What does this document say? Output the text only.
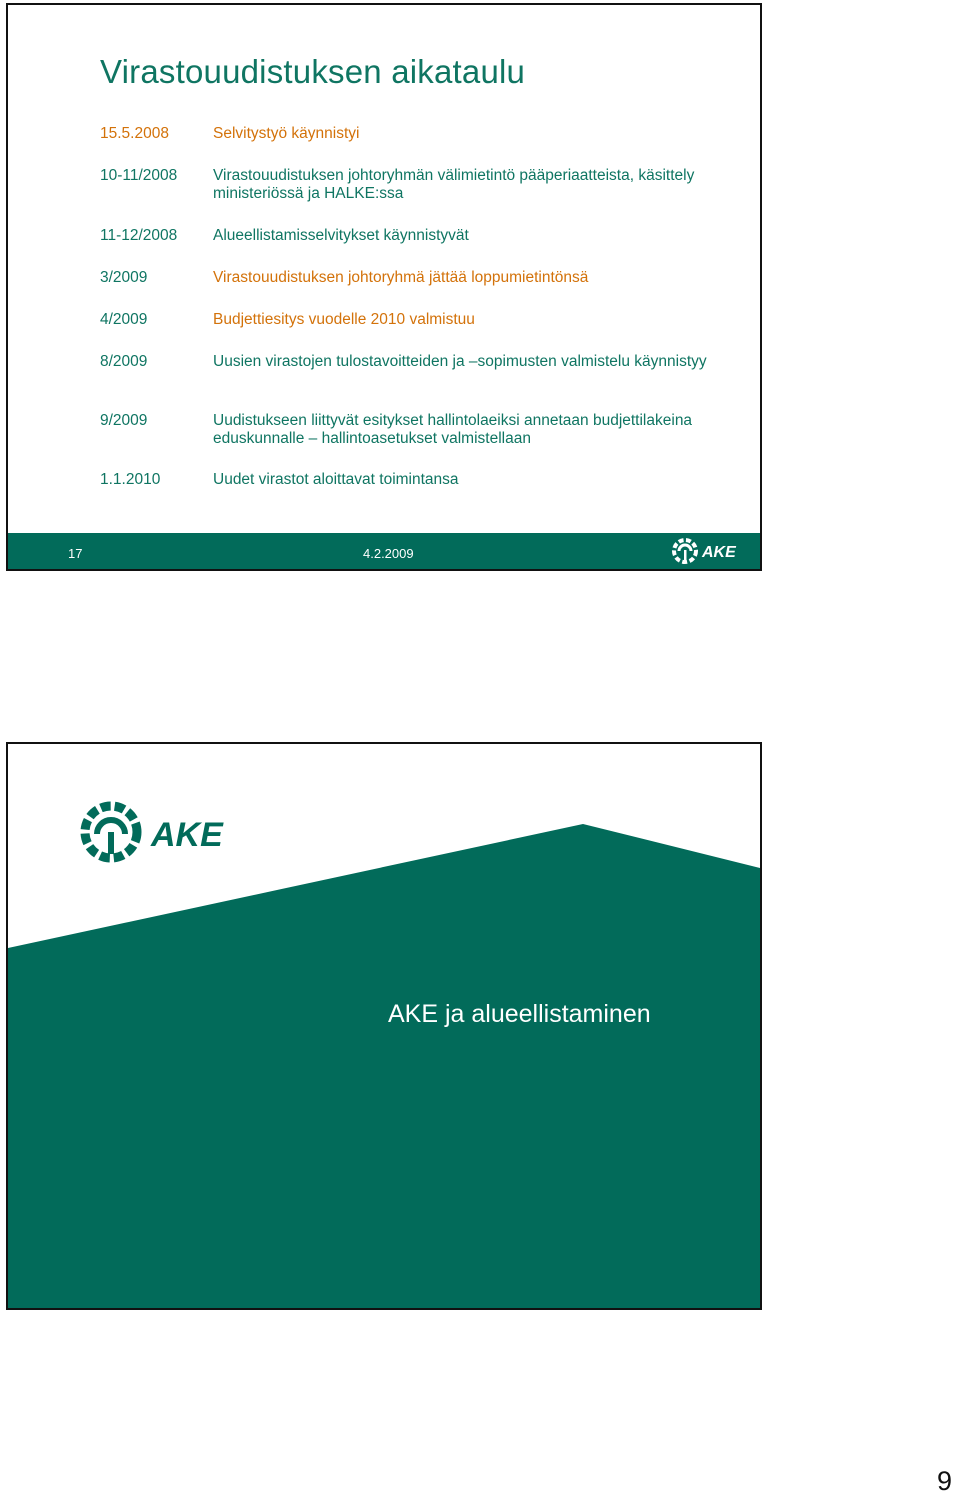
Virastouudistuksen aikataulu
15.5.2008	Selvitystyö käynnistyi
10-11/2008	Virastouudistuksen johtoryhmän välimietintö pääperiaatteista, käsittely ministeriössä ja HALKE:ssa
11-12/2008	Alueellistamisselvitykset käynnistyvät
3/2009	Virastouudistuksen johtoryhmä jättää loppumietintönsä
4/2009	Budjettiesitys vuodelle 2010 valmistuu
8/2009	Uusien virastojen tulostavoitteiden ja –sopimusten valmistelu käynnistyy
9/2009	Uudistukseen liittyvät esitykset hallintolaeiksi annetaan budjettilakeina eduskunnalle – hallintoasetukset valmistellaan
1.1.2010	Uudet virastot aloittavat toimintansa
17	4.2.2009	AKE
AKE
AKE ja alueellistaminen
9
